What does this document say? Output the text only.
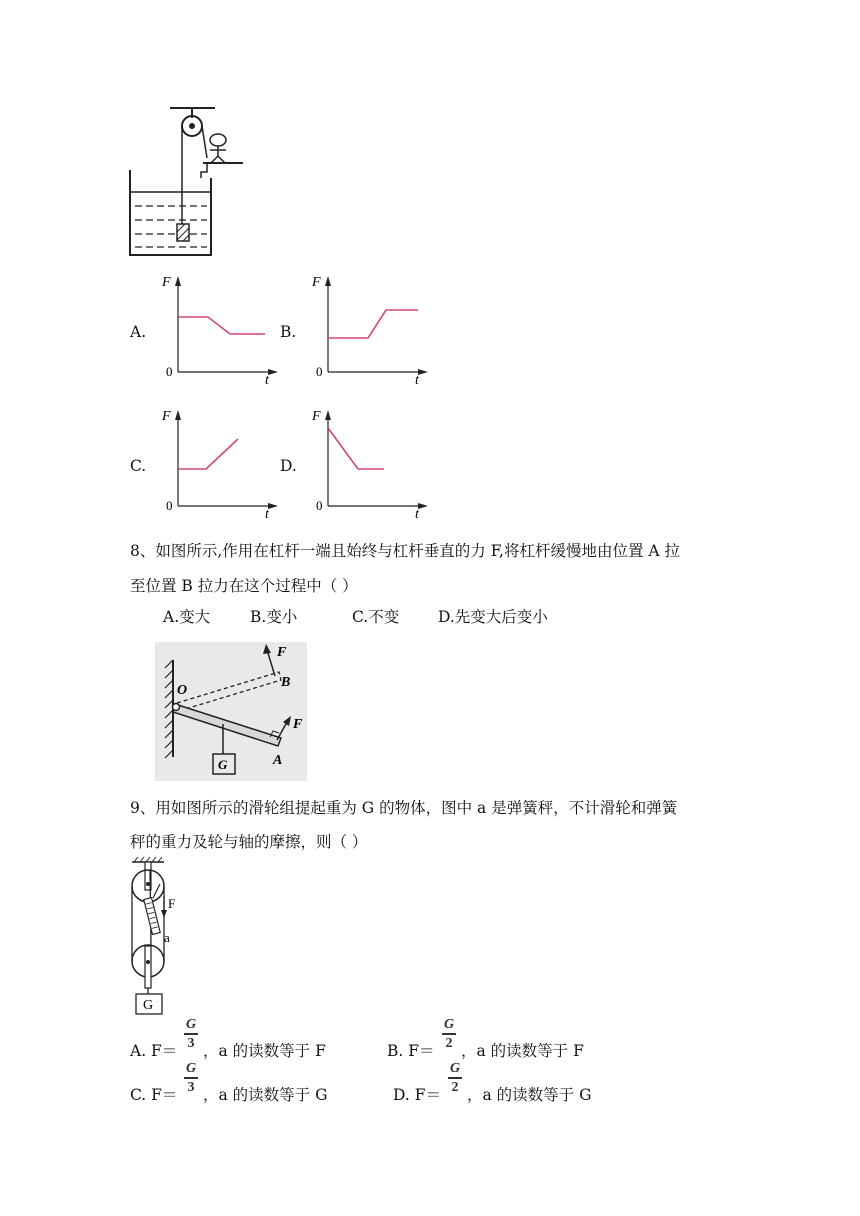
A.	B.
C.	D.
F
t
0
F
t
0
F
t
0
F
t
0
8、如图所示,作用在杠杆一端且始终与杠杆垂直的力 F,将杠杆缓慢地由位置 A 拉
至位置 B 拉力在这个过程中（ ）
A.变大	B.变小	C.不变	D.先变大后变小
G
F
B
O
F
A
9、用如图所示的滑轮组提起重为 G 的物体，图中 a 是弹簧秤，不计滑轮和弹簧
秤的重力及轮与轴的摩擦，则（ ）
F
a
G
A. F＝
G
3 ，a 的读数等于 F	B. F＝
G
2 ，a 的读数等于 F
C. F＝
G
3 ，a 的读数等于 G	D. F＝
G
2 ，a 的读数等于 G
